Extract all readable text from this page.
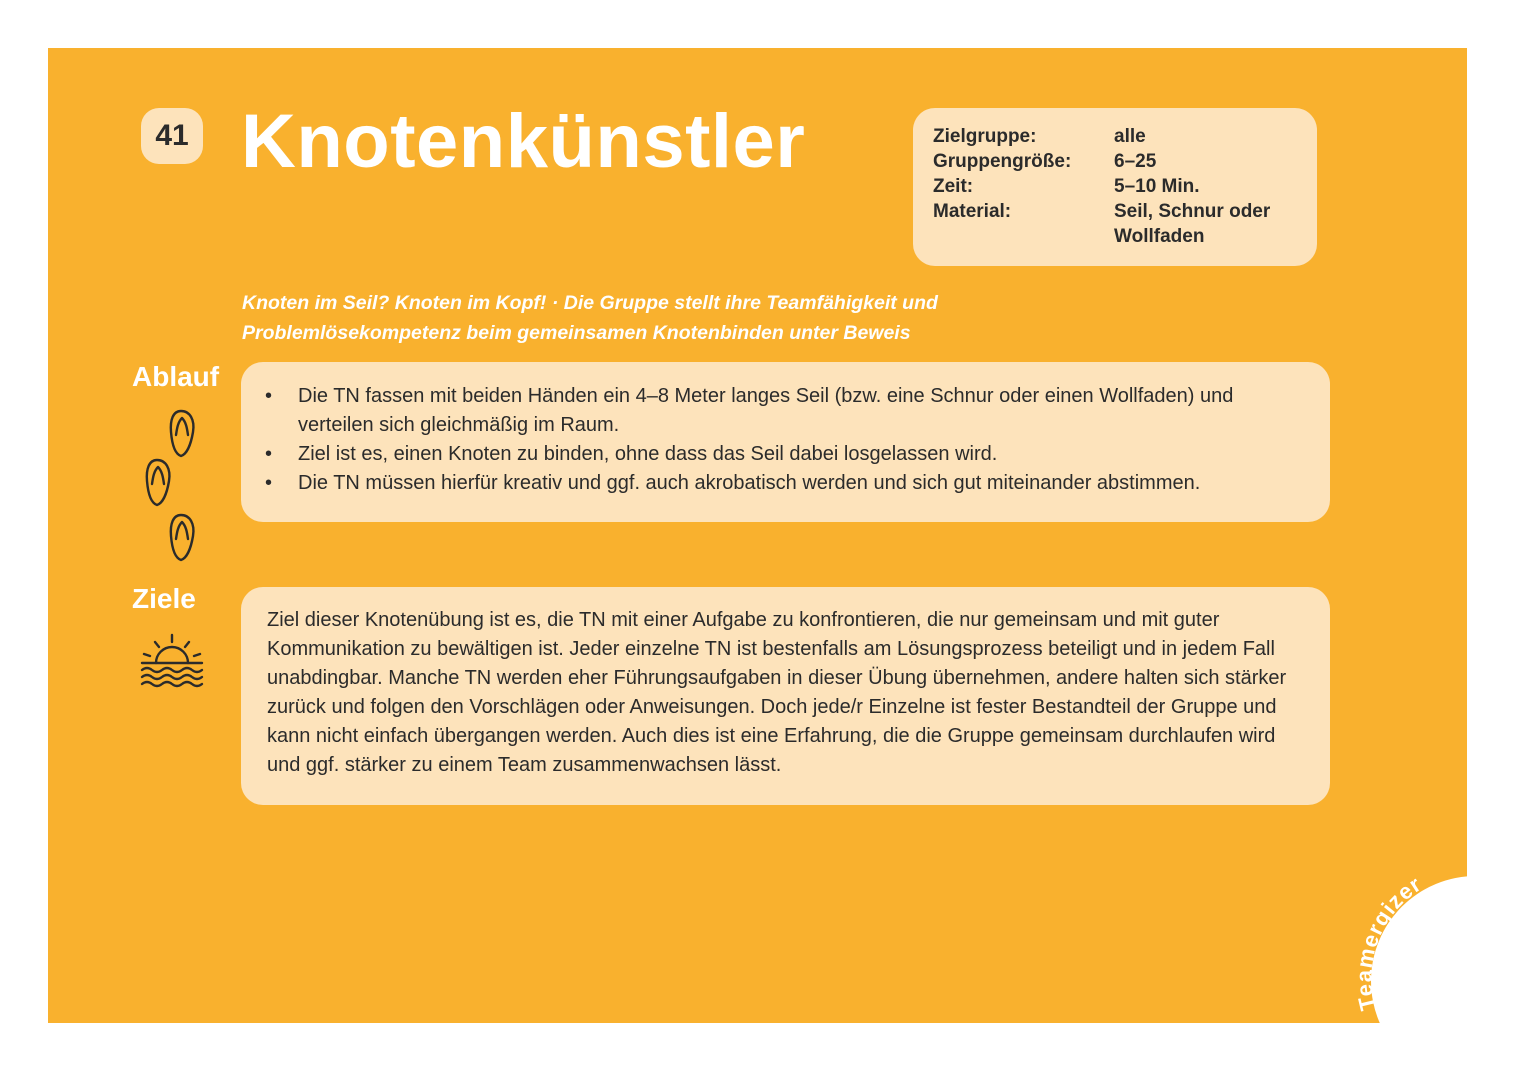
41 Knotenkünstler	Zielgruppe:	alle
Gruppengröße:	6–25
Zeit:	5–10 Min.
Material:	Seil, Schnur oder Wollfaden
Knoten im Seil? Knoten im Kopf! · Die Gruppe stellt ihre Teamfähigkeit und
Problemlösekompetenz beim gemeinsamen Knotenbinden unter Beweis
Ablauf
• Die TN fassen mit beiden Händen ein 4–8 Meter langes Seil (bzw. eine Schnur oder einen Wollfaden) und verteilen sich gleichmäßig im Raum.
• Ziel ist es, einen Knoten zu binden, ohne dass das Seil dabei losgelassen wird.
• Die TN müssen hierfür kreativ und ggf. auch akrobatisch werden und sich gut miteinander abstimmen.
Ziele
Ziel dieser Knotenübung ist es, die TN mit einer Aufgabe zu konfrontieren, die nur gemeinsam und mit guter Kommunikation zu bewältigen ist. Jeder einzelne TN ist bestenfalls am Lösungsprozess beteiligt und in jedem Fall unabdingbar. Manche TN werden eher Führungsaufgaben in dieser Übung übernehmen, andere halten sich stärker zurück und folgen den Vorschlägen oder Anweisungen. Doch jede/r Einzelne ist fester Bestandteil der Gruppe und kann nicht einfach übergangen werden. Auch dies ist eine Erfahrung, die die Gruppe gemeinsam durchlaufen wird und ggf. stärker zu einem Team zusammenwachsen lässt.
Teamergizer
